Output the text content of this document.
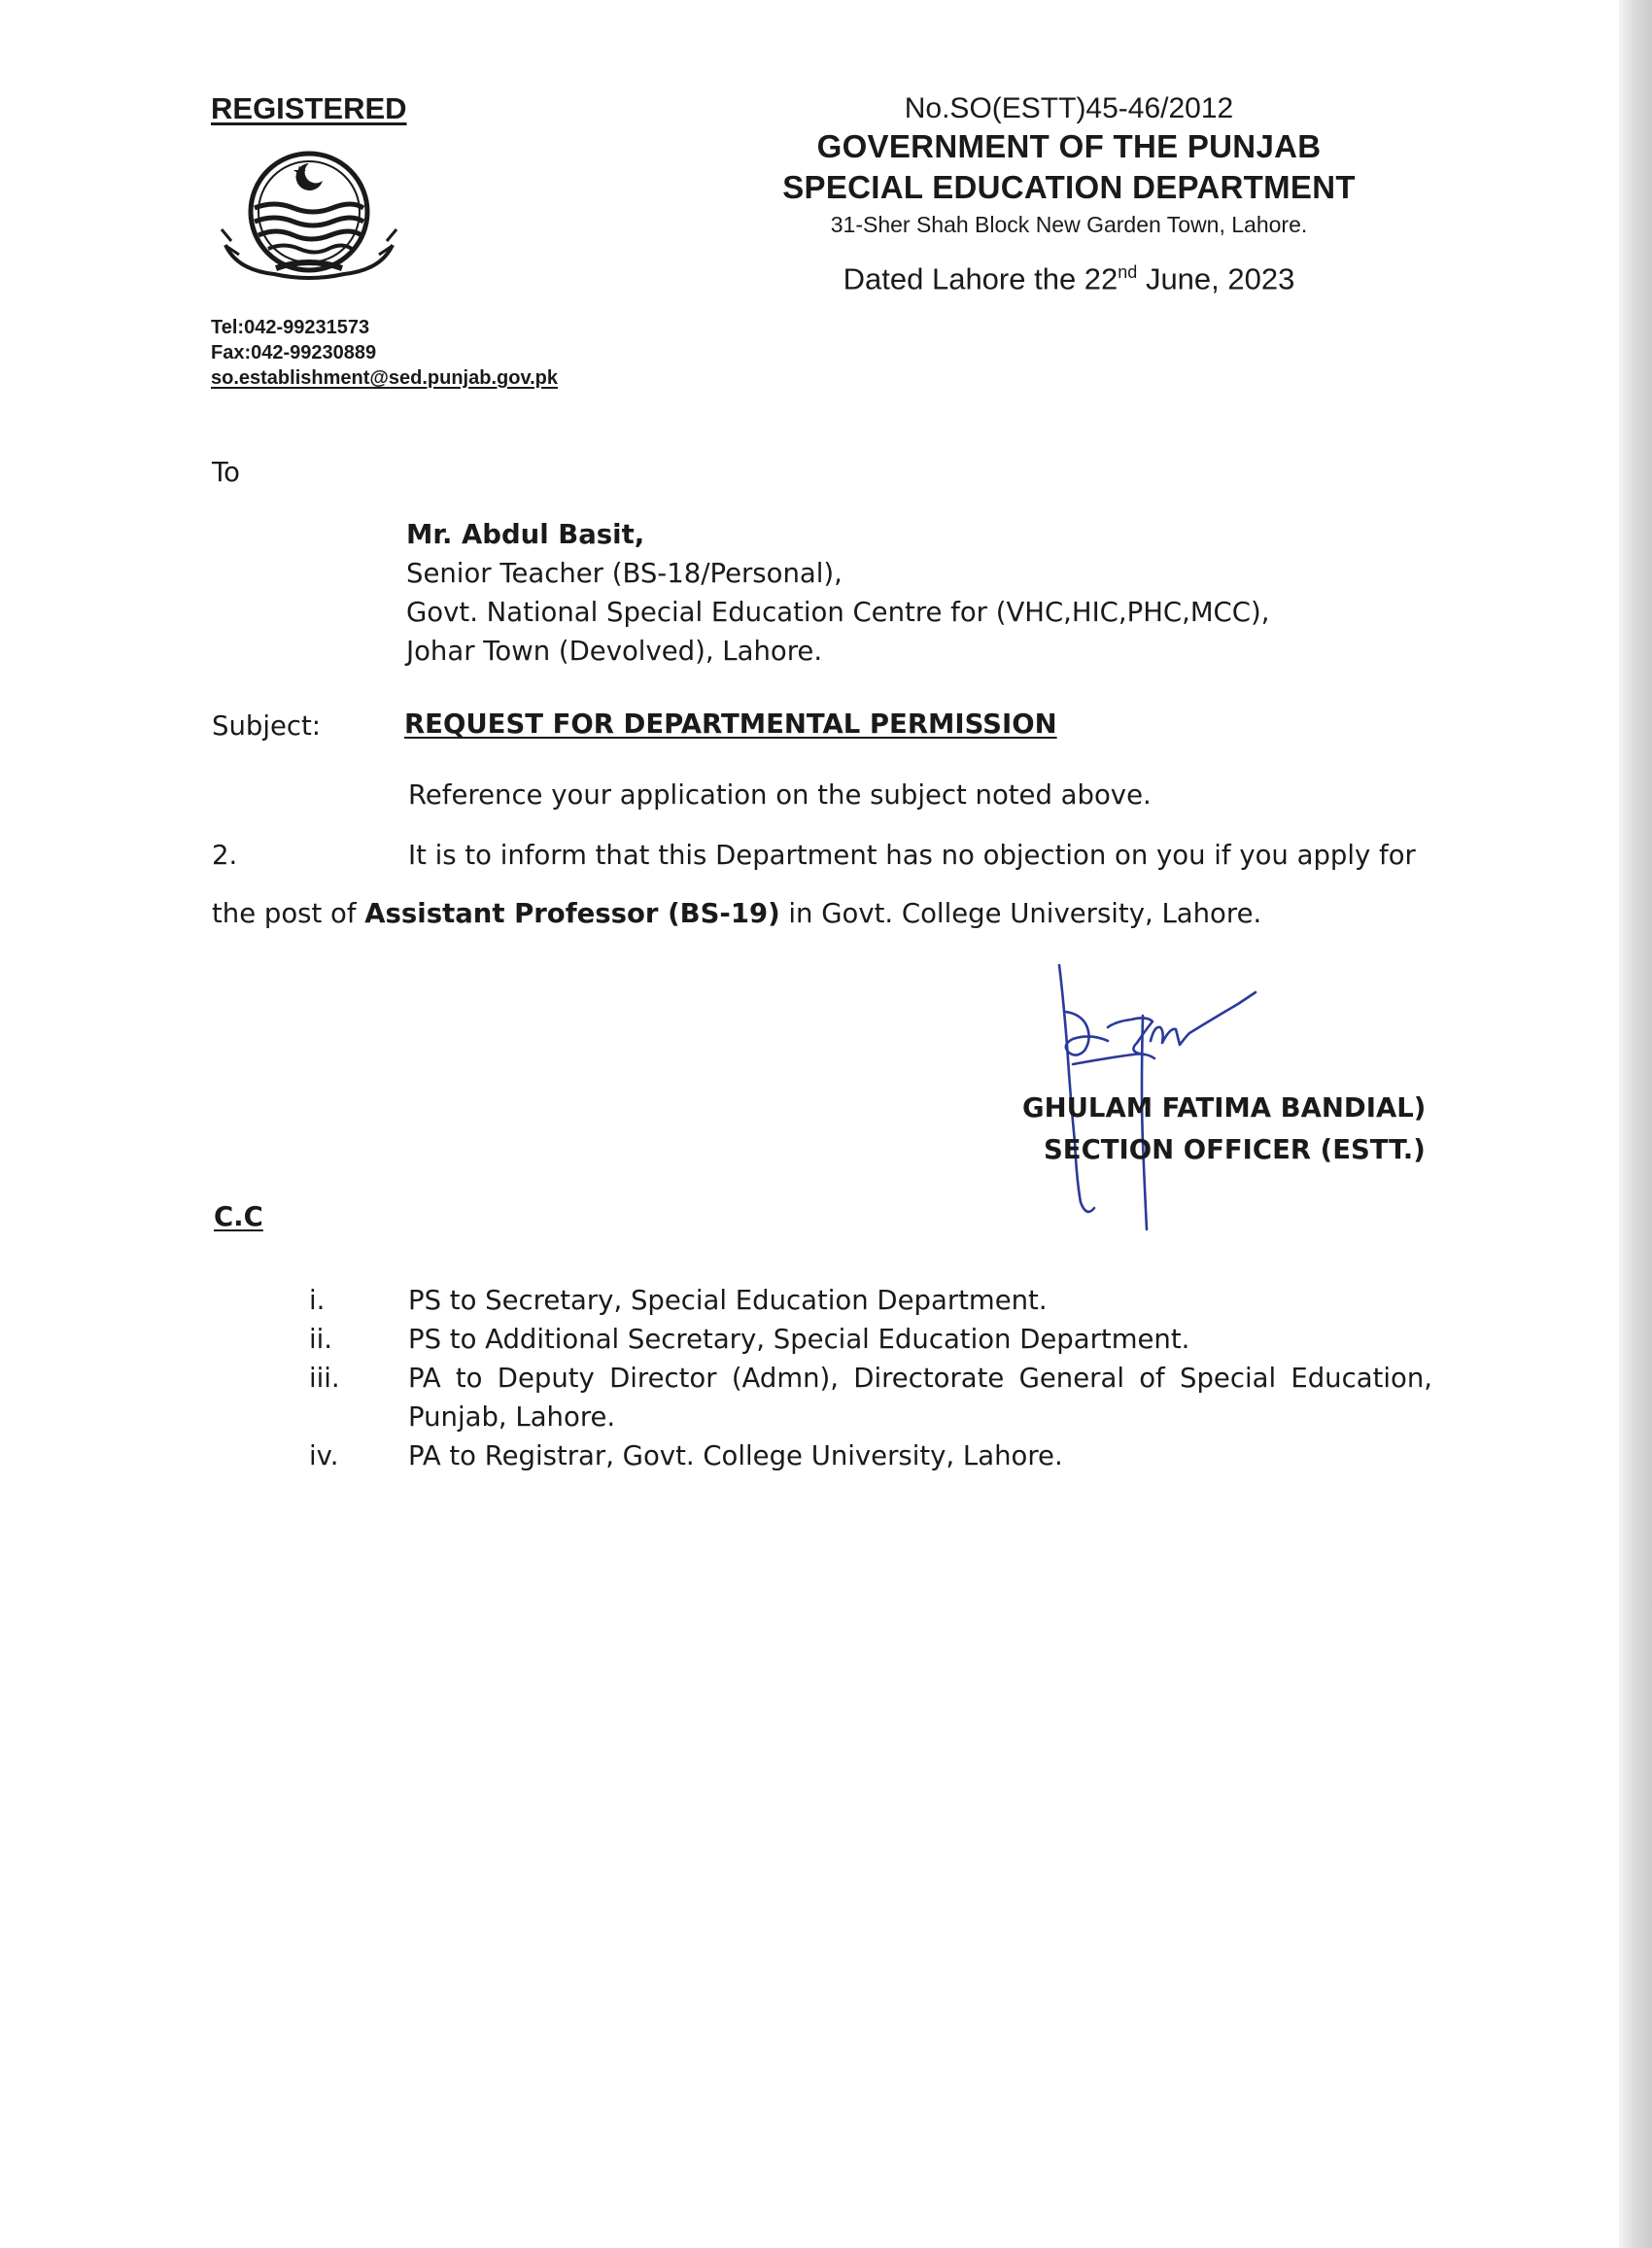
REGISTERED
Tel:042-99231573
Fax:042-99230889
so.establishment@sed.punjab.gov.pk
No.SO(ESTT)45-46/2012
GOVERNMENT OF THE PUNJAB
SPECIAL EDUCATION DEPARTMENT
31-Sher Shah Block New Garden Town, Lahore.
Dated Lahore the 22nd June, 2023
To
Mr. Abdul Basit,
Senior Teacher (BS-18/Personal),
Govt. National Special Education Centre for (VHC,HIC,PHC,MCC),
Johar Town (Devolved), Lahore.
Subject:	REQUEST FOR DEPARTMENTAL PERMISSION
Reference your application on the subject noted above.
2.	It is to inform that this Department has no objection on you if you apply for
the post of Assistant Professor (BS-19) in Govt. College University, Lahore.
GHULAM FATIMA BANDIAL)
SECTION OFFICER (ESTT.)
C.C
i.	PS to Secretary, Special Education Department.
ii.	PS to Additional Secretary, Special Education Department.
iii.	PA to Deputy Director (Admn), Directorate General of Special Education, Punjab, Lahore.
iv.	PA to Registrar, Govt. College University, Lahore.
